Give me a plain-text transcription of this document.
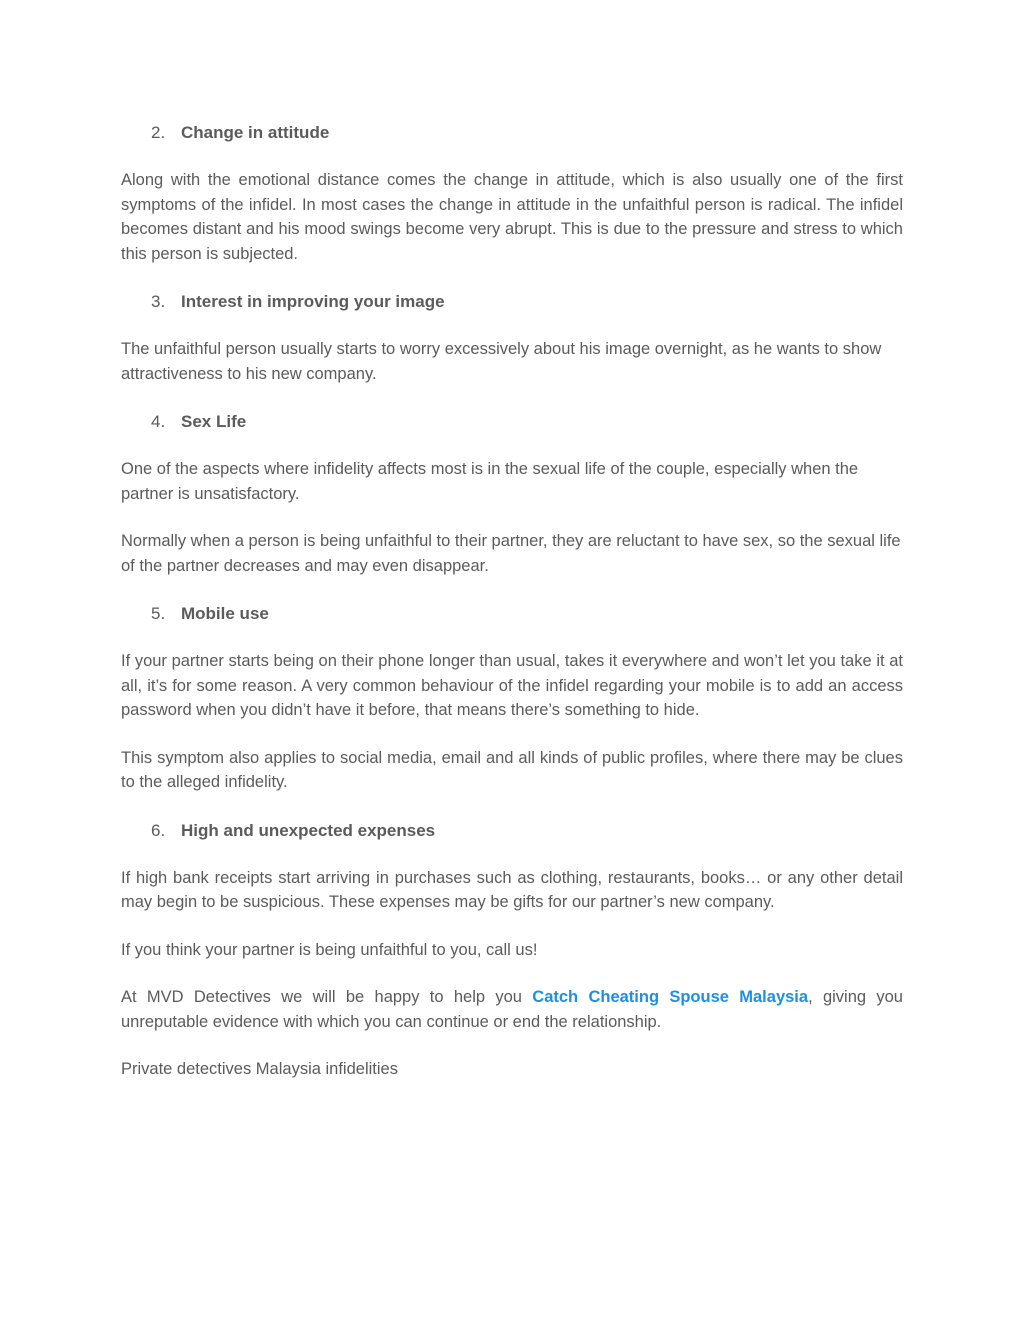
2. Change in attitude

Along with the emotional distance comes the change in attitude, which is also usually one of the first symptoms of the infidel. In most cases the change in attitude in the unfaithful person is radical. The infidel becomes distant and his mood swings become very abrupt. This is due to the pressure and stress to which this person is subjected.

3. Interest in improving your image

The unfaithful person usually starts to worry excessively about his image overnight, as he wants to show attractiveness to his new company.

4. Sex Life

One of the aspects where infidelity affects most is in the sexual life of the couple, especially when the partner is unsatisfactory.

Normally when a person is being unfaithful to their partner, they are reluctant to have sex, so the sexual life of the partner decreases and may even disappear.

5. Mobile use

If your partner starts being on their phone longer than usual, takes it everywhere and won’t let you take it at all, it’s for some reason. A very common behaviour of the infidel regarding your mobile is to add an access password when you didn’t have it before, that means there’s something to hide.

This symptom also applies to social media, email and all kinds of public profiles, where there may be clues to the alleged infidelity.

6. High and unexpected expenses

If high bank receipts start arriving in purchases such as clothing, restaurants, books… or any other detail may begin to be suspicious. These expenses may be gifts for our partner’s new company.

If you think your partner is being unfaithful to you, call us!

At MVD Detectives we will be happy to help you Catch Cheating Spouse Malaysia, giving you unreputable evidence with which you can continue or end the relationship.

Private detectives Malaysia infidelities
